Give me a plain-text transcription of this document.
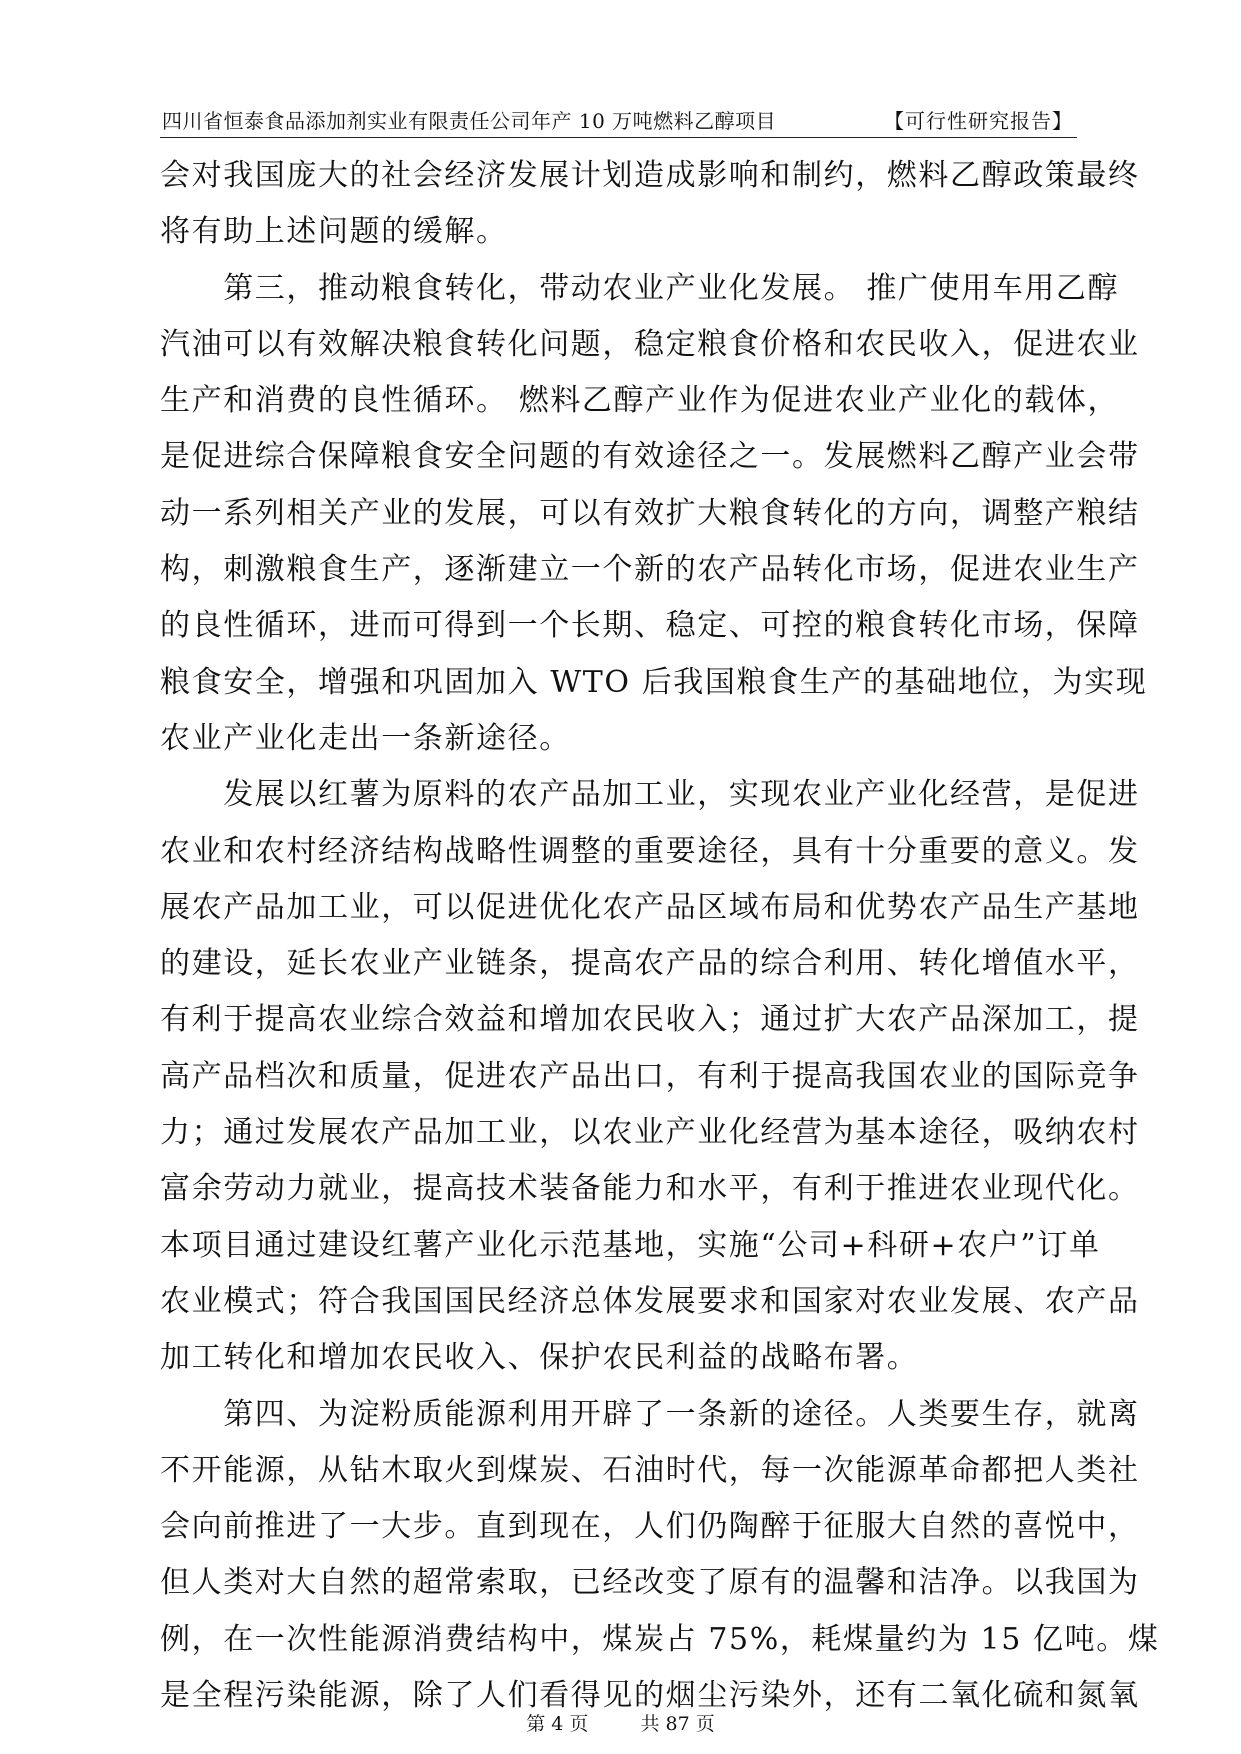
四川省恒泰食品添加剂实业有限责任公司年产 10 万吨燃料乙醇项目	【可行性研究报告】
会对我国庞大的社会经济发展计划造成影响和制约，燃料乙醇政策最终
将有助上述问题的缓解。
　　第三，推动粮食转化，带动农业产业化发展。 推广使用车用乙醇
汽油可以有效解决粮食转化问题，稳定粮食价格和农民收入，促进农业
生产和消费的良性循环。 燃料乙醇产业作为促进农业产业化的载体，
是促进综合保障粮食安全问题的有效途径之一。发展燃料乙醇产业会带
动一系列相关产业的发展，可以有效扩大粮食转化的方向，调整产粮结
构，刺激粮食生产，逐渐建立一个新的农产品转化市场，促进农业生产
的良性循环，进而可得到一个长期、稳定、可控的粮食转化市场，保障
粮食安全，增强和巩固加入 WTO 后我国粮食生产的基础地位，为实现
农业产业化走出一条新途径。
　　发展以红薯为原料的农产品加工业，实现农业产业化经营，是促进
农业和农村经济结构战略性调整的重要途径，具有十分重要的意义。发
展农产品加工业，可以促进优化农产品区域布局和优势农产品生产基地
的建设，延长农业产业链条，提高农产品的综合利用、转化增值水平，
有利于提高农业综合效益和增加农民收入；通过扩大农产品深加工，提
高产品档次和质量，促进农产品出口，有利于提高我国农业的国际竞争
力；通过发展农产品加工业，以农业产业化经营为基本途径，吸纳农村
富余劳动力就业，提高技术装备能力和水平，有利于推进农业现代化。
本项目通过建设红薯产业化示范基地，实施“公司+科研+农户”订单
农业模式；符合我国国民经济总体发展要求和国家对农业发展、农产品
加工转化和增加农民收入、保护农民利益的战略布署。
　　第四、为淀粉质能源利用开辟了一条新的途径。人类要生存，就离
不开能源，从钻木取火到煤炭、石油时代，每一次能源革命都把人类社
会向前推进了一大步。直到现在，人们仍陶醉于征服大自然的喜悦中，
但人类对大自然的超常索取，已经改变了原有的温馨和洁净。以我国为
例，在一次性能源消费结构中，煤炭占 75%，耗煤量约为 15 亿吨。煤
是全程污染能源，除了人们看得见的烟尘污染外，还有二氧化硫和氮氧
第 4 页	共 87 页
